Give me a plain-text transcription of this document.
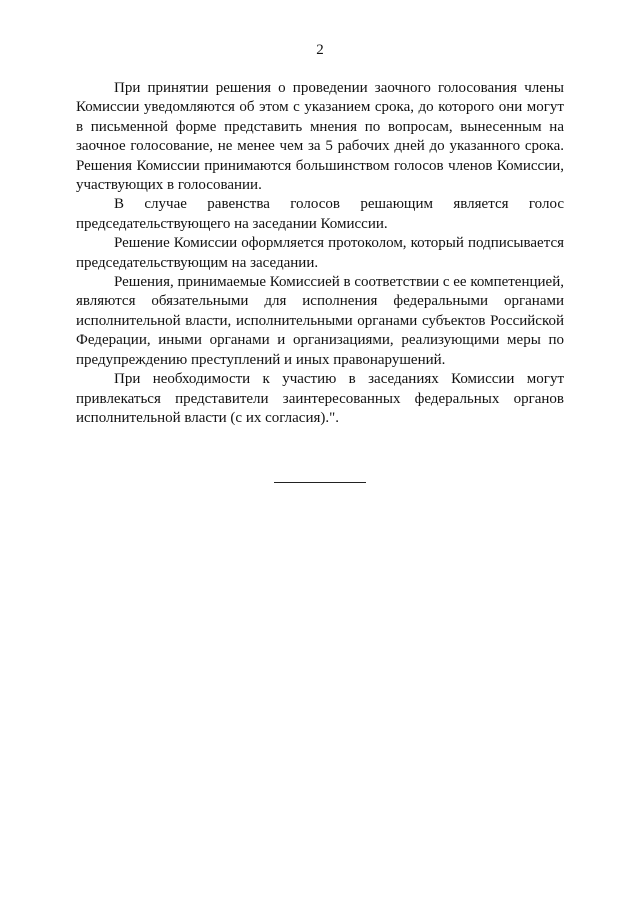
2

При принятии решения о проведении заочного голосования члены Комиссии уведомляются об этом с указанием срока, до которого они могут в письменной форме представить мнения по вопросам, вынесенным на заочное голосование, не менее чем за 5 рабочих дней до указанного срока. Решения Комиссии принимаются большинством голосов членов Комиссии, участвующих в голосовании.

В случае равенства голосов решающим является голос председательствующего на заседании Комиссии.

Решение Комиссии оформляется протоколом, который подписывается председательствующим на заседании.

Решения, принимаемые Комиссией в соответствии с ее компетенцией, являются обязательными для исполнения федеральными органами исполнительной власти, исполнительными органами субъектов Российской Федерации, иными органами и организациями, реализующими меры по предупреждению преступлений и иных правонарушений.

При необходимости к участию в заседаниях Комиссии могут привлекаться представители заинтересованных федеральных органов исполнительной власти (с их согласия).".
